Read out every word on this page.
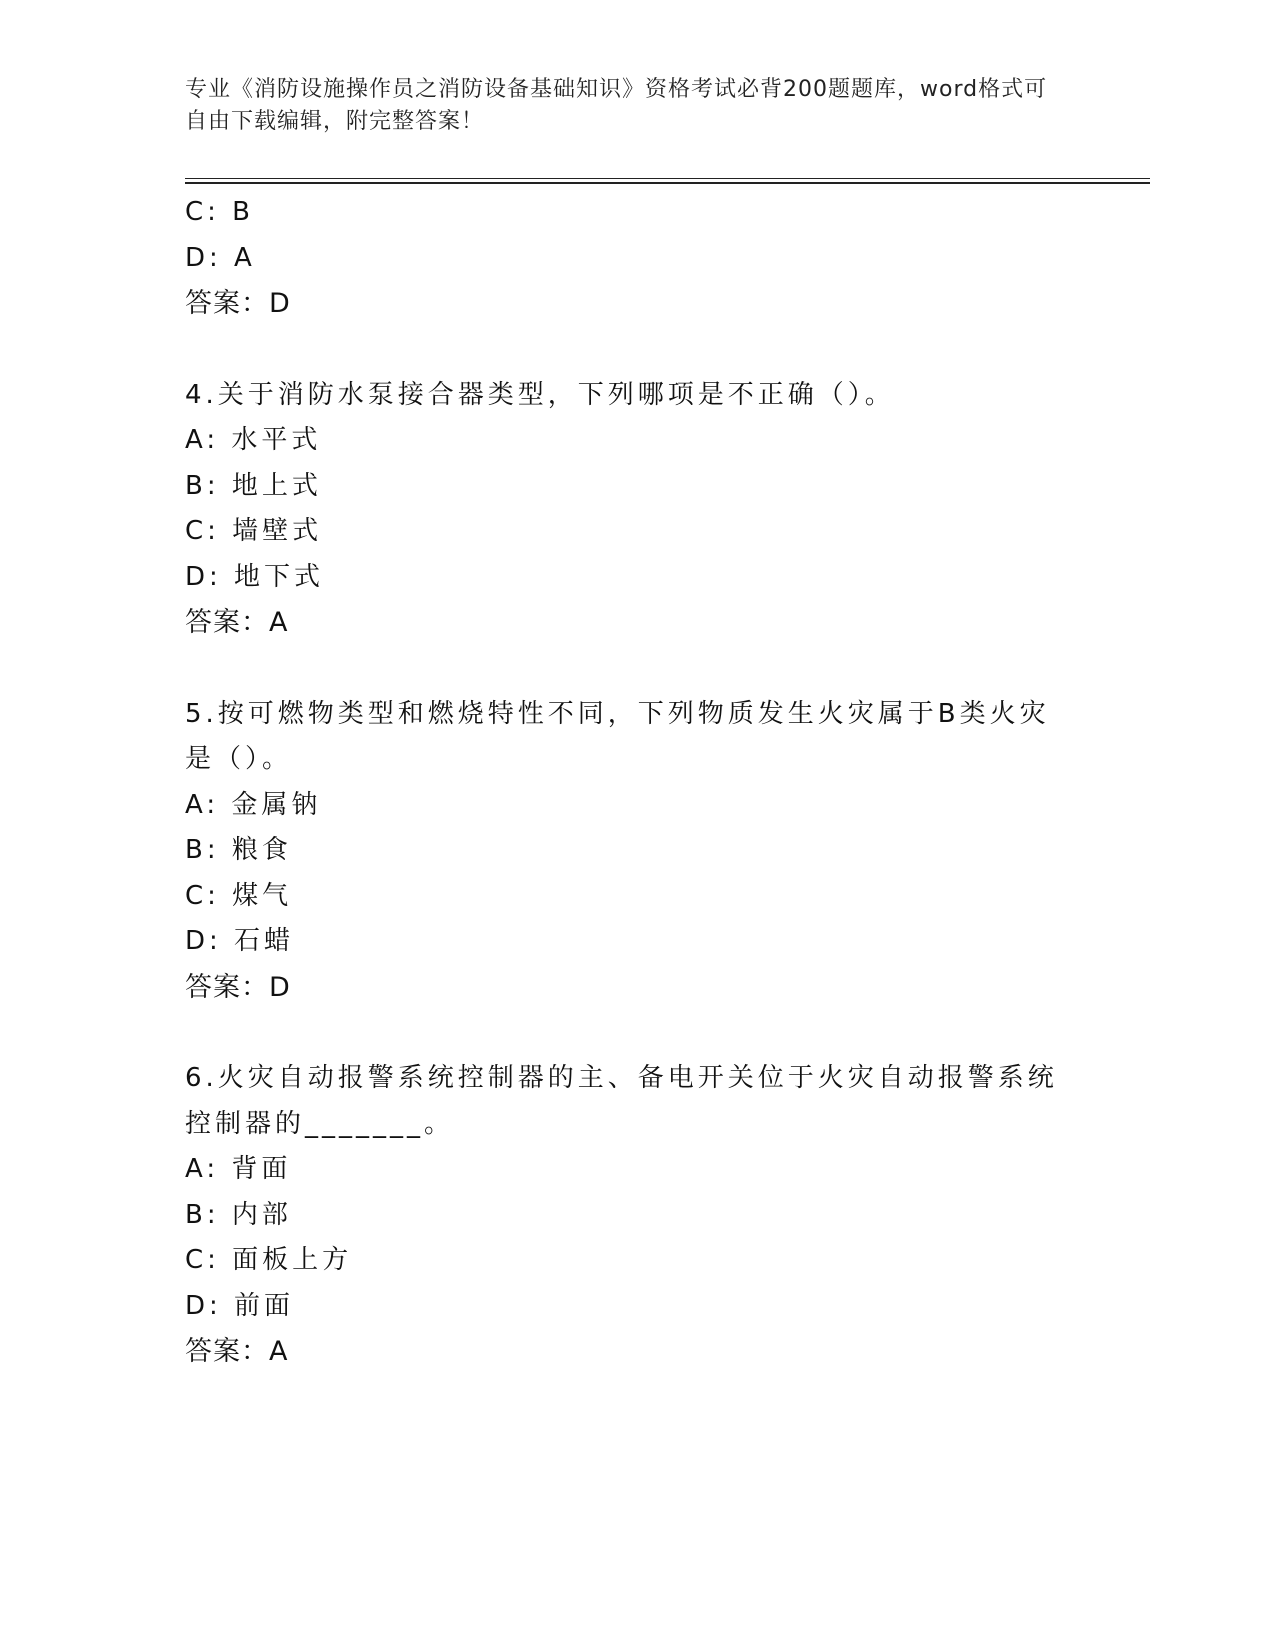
专业《消防设施操作员之消防设备基础知识》资格考试必背200题题库，word格式可自由下载编辑，附完整答案！
C: B
D: A
答案：D
4.关于消防水泵接合器类型，下列哪项是不正确（）。
A: 水平式
B: 地上式
C: 墙壁式
D: 地下式
答案：A
5.按可燃物类型和燃烧特性不同，下列物质发生火灾属于B类火灾是（）。
A: 金属钠
B: 粮食
C: 煤气
D: 石蜡
答案：D
6.火灾自动报警系统控制器的主、备电开关位于火灾自动报警系统控制器的_______。
A: 背面
B: 内部
C: 面板上方
D: 前面
答案：A
